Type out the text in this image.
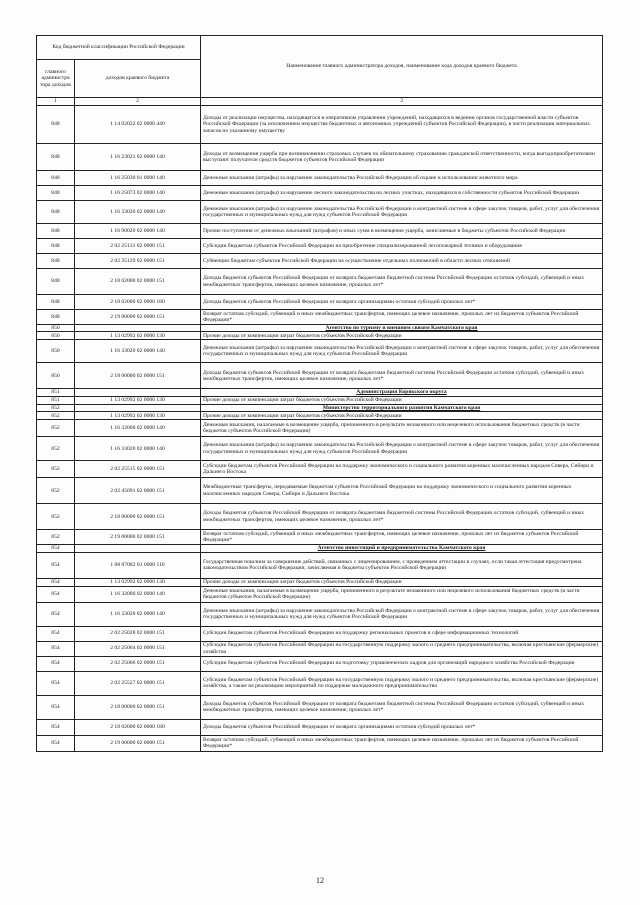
Код бюджетной классификации Российской Федерации		Наименование главного администратора доходов, наименование кода доходов краевого бюджета
главного администра тора доходов	доходов краевого бюджета	
1	2	3
848	1 14 02022 02 0000 440	Доходы от реализации имущества, находящегося в оперативном управлении учреждений, находящихся в ведении органов государственной власти субъектов Российской Федерации (за исключением имущества бюджетных и автономных учреждений субъектов Российской Федерации), в части реализации материальных запасов по указанному имуществу
848	1 16 23021 02 0000 140	Доходы от возмещения ущерба при возникновении страховых случаев по обязательному страхованию гражданской ответственности, когда выгодоприобретателями выступают получатели средств бюджетов субъектов Российской Федерации
848	1 16 25030 01 0000 140	Денежные взыскания (штрафы) за нарушение законодательства Российской Федерации об охране и использовании животного мира
848	1 16 25073 02 0000 140	Денежные взыскания (штрафы) за нарушение лесного законодательства на лесных участках, находящихся в собственности субъектов Российской Федерации
848	1 16 33020 02 0000 140	Денежные взыскания (штрафы) за нарушение законодательства Российской Федерации о контрактной системе в сфере закупок товаров, работ, услуг для обеспечения государственных и муниципальных нужд для нужд субъектов Российской Федерации
848	1 16 90020 02 0000 140	Прочие поступления от денежных взысканий (штрафов) и иных сумм в возмещение ущерба, зачисляемые в бюджеты субъектов Российской Федерации
848	2 02 25131 02 0000 151	Субсидии бюджетам субъектов Российской Федерации на приобретение специализированной лесопожарной техники и оборудования
848	2 02 35129 02 0000 151	Субвенции бюджетам субъектов Российской Федерации на осуществление отдельных полномочий в области лесных отношений
848	2 18 02000 02 0000 151	Доходы бюджетов субъектов Российской Федерации от возврата бюджетами бюджетной системы Российской Федерации остатков субсидий, субвенций и иных межбюджетных трансфертов, имеющих целевое назначение, прошлых лет*
848	2 18 02000 02 0000 180	Доходы бюджетов субъектов Российской Федерации от возврата организациями остатков субсидий прошлых лет*
848	2 19 00000 02 0000 151	Возврат остатков субсидий, субвенций и иных межбюджетных трансфертов, имеющих целевое назначение, прошлых лет из бюджетов субъектов Российской Федерации*
850		Агентство по туризму и внешним связям Камчатского края
850	1 13 02992 02 0000 130	Прочие доходы от компенсации затрат бюджетов субъектов Российской Федерации
850	1 16 33020 02 0000 140	Денежные взыскания (штрафы) за нарушение законодательства Российской Федерации о контрактной системе в сфере закупок товаров, работ, услуг для обеспечения государственных и муниципальных нужд для нужд субъектов Российской Федерации
850	2 18 00000 02 0000 151	Доходы бюджетов субъектов Российской Федерации от возврата бюджетами бюджетной системы Российской Федерации остатков субсидий, субвенций и иных межбюджетных трансфертов, имеющих целевое назначение, прошлых лет*
851		Администрация Корякского округа
851	1 13 02992 02 0000 130	Прочие доходы от компенсации затрат бюджетов субъектов Российской Федерации
852		Министерство территориального развития Камчатского края
852	1 13 02992 02 0000 130	Прочие доходы от компенсации затрат бюджетов субъектов Российской Федерации
852	1 16 32000 02 0000 140	Денежные взыскания, налагаемые в возмещение ущерба, причиненного в результате незаконного или нецелевого использования бюджетных средств (в части бюджетов субъектов Российской Федерации)
852	1 16 33020 02 0000 140	Денежные взыскания (штрафы) за нарушение законодательства Российской Федерации о контрактной системе в сфере закупок товаров, работ, услуг для обеспечения государственных и муниципальных нужд для нужд субъектов Российской Федерации
852	2 02 25515 02 0000 151	Субсидии бюджетам субъектов Российской Федерации на поддержку экономического и социального развития коренных малочисленных народов Севера, Сибири и Дальнего Востока
852	2 02 45091 02 0000 151	Межбюджетные трансферты, передаваемые бюджетам субъектов Российской Федерации на поддержку экономического и социального развития коренных малочисленных народов Севера, Сибири и Дальнего Востока
852	2 18 00000 02 0000 151	Доходы бюджетов субъектов Российской Федерации от возврата бюджетами бюджетной системы Российской Федерации остатков субсидий, субвенций и иных межбюджетных трансфертов, имеющих целевое назначение, прошлых лет*
852	2 19 00000 02 0000 151	Возврат остатков субсидий, субвенций и иных межбюджетных трансфертов, имеющих целевое назначение, прошлых лет из бюджетов субъектов Российской Федерации*
854		Агентство инвестиций и предпринимательства Камчатского края
854	1 08 07082 01 0000 110	Государственная пошлина за совершение действий, связанных с лицензированием, с проведением аттестации в случаях, если такая аттестация предусмотрена законодательством Российской Федерации, зачисляемая в бюджеты субъектов Российской Федерации
854	1 13 02992 02 0000 130	Прочие доходы от компенсации затрат бюджетов субъектов Российской Федерации
854	1 16 32000 02 0000 140	Денежные взыскания, налагаемые в возмещение ущерба, причиненного в результате незаконного или нецелевого использования бюджетных средств (в части бюджетов субъектов Российской Федерации)
854	1 16 33020 02 0000 140	Денежные взыскания (штрафы) за нарушение законодательства Российской Федерации о контрактной системе в сфере закупок товаров, работ, услуг для обеспечения государственных и муниципальных нужд для нужд субъектов Российской Федерации
854	2 02 25028 02 0000 151	Субсидии бюджетам субъектов Российской Федерации на поддержку региональных проектов в сфере информационных технологий
854	2 02 25064 02 0000 151	Субсидии бюджетам субъектов Российской Федерации на государственную поддержку малого и среднего предпринимательства, включая крестьянские (фермерские) хозяйства
854	2 02 25066 02 0000 151	Субсидии бюджетам субъектов Российской Федерации на подготовку управленческих кадров для организаций народного хозяйства Российской Федерации
854	2 02 25527 02 0000 151	Субсидии бюджетам субъектов Российской Федерации на государственную поддержку малого и среднего предпринимательства, включая крестьянские (фермерские) хозяйства, а также на реализацию мероприятий по поддержке молодежного предпринимательства
854	2 18 00000 02 0000 151	Доходы бюджетов субъектов Российской Федерации от возврата бюджетами бюджетной системы Российской Федерации остатков субсидий, субвенций и иных межбюджетных трансфертов, имеющих целевое назначение, прошлых лет*
854	2 18 02000 02 0000 180	Доходы бюджетов субъектов Российской Федерации от возврата организациями остатков субсидий прошлых лет*
854	2 19 00000 02 0000 151	Возврат остатков субсидий, субвенций и иных межбюджетных трансфертов, имеющих целевое назначение, прошлых лет из бюджетов субъектов Российской Федерации*
12
